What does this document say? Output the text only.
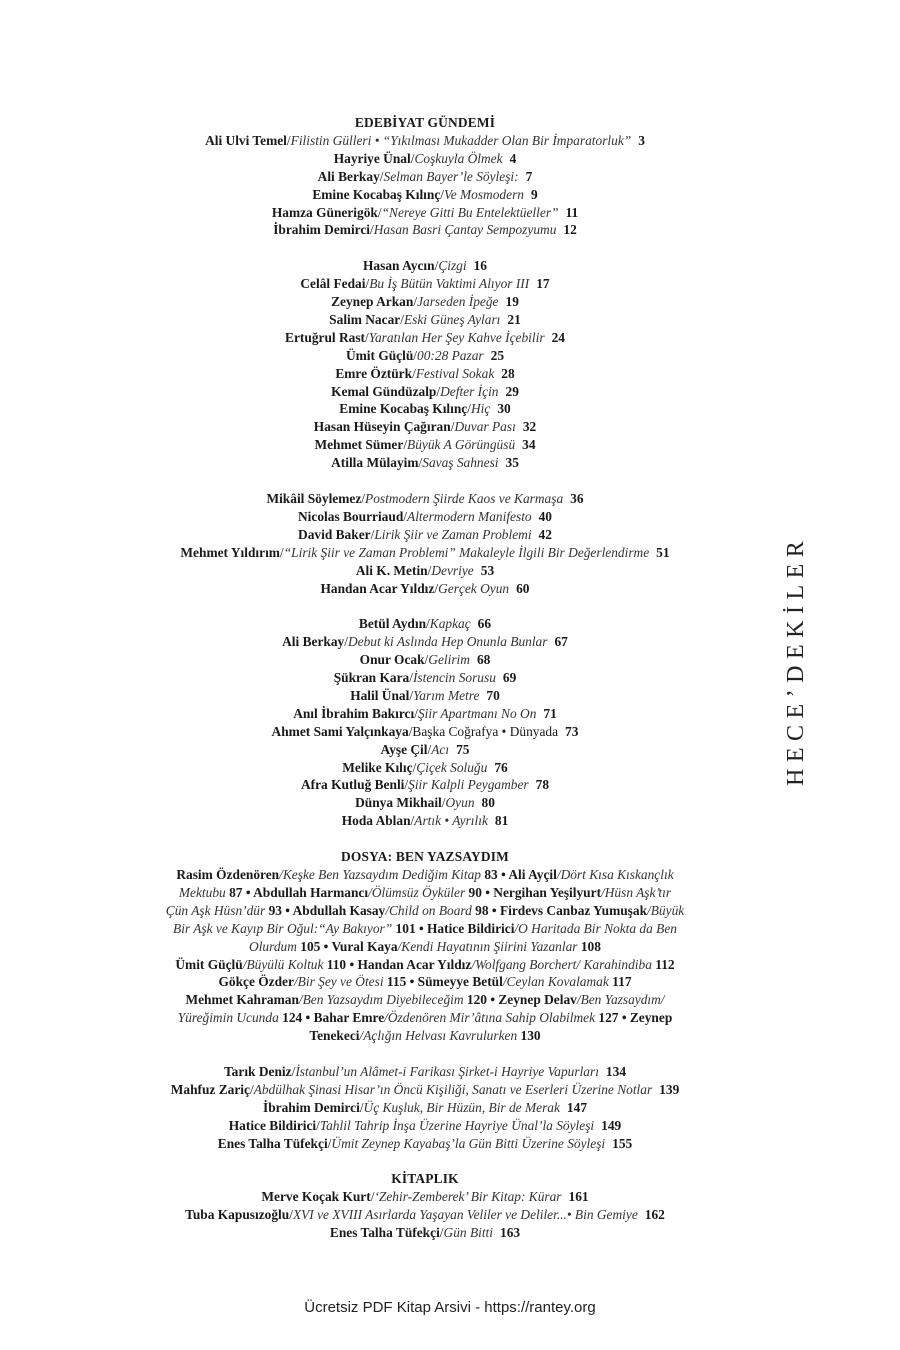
EDEBİYAT GÜNDEMİ
Ali Ulvi Temel/Filistin Gülleri • “Yıkılması Mukadder Olan Bir İmparatorluk” 3
Hayriye Ünal/Coşkuyla Ölmek 4
Ali Berkay/Selman Bayer’le Söyleşi: 7
Emine Kocabaş Kılınç/Ve Mosmodern 9
Hamza Günerigök/“Nereye Gitti Bu Entelektüeller” 11
İbrahim Demirci/Hasan Basri Çantay Sempozyumu 12
Hasan Aycın/Çizgi 16
Celâl Fedai/Bu İş Bütün Vaktimi Alıyor III 17
Zeynep Arkan/Jarseden İpeğe 19
Salim Nacar/Eski Güneş Ayları 21
Ertuğrul Rast/Yaratılan Her Şey Kahve İçebilir 24
Ümit Güçlü/00:28 Pazar 25
Emre Öztürk/Festival Sokak 28
Kemal Gündüzalp/Defter İçin 29
Emine Kocabaş Kılınç/Hiç 30
Hasan Hüseyin Çağıran/Duvar Pası 32
Mehmet Sümer/Büyük A Görüngüsü 34
Atilla Mülayim/Savaş Sahnesi 35
Mikâil Söylemez/Postmodern Şiirde Kaos ve Karmaşa 36
Nicolas Bourriaud/Altermodern Manifesto 40
David Baker/Lirik Şiir ve Zaman Problemi 42
Mehmet Yıldırım/“Lirik Şiir ve Zaman Problemi” Makaleyle İlgili Bir Değerlendirme 51
Ali K. Metin/Devriye 53
Handan Acar Yıldız/Gerçek Oyun 60
Betül Aydın/Kapkaç 66
Ali Berkay/Debut ki Aslında Hep Onunla Bunlar 67
Onur Ocak/Gelirim 68
Şükran Kara/İstencin Sorusu 69
Halil Ünal/Yarım Metre 70
Anıl İbrahim Bakırcı/Şiir Apartmanı No On 71
Ahmet Sami Yalçınkaya/Başka Coğrafya • Dünyada 73
Ayşe Çil/Acı 75
Melike Kılıç/Çiçek Soluğu 76
Afra Kutluğ Benli/Şiir Kalpli Peygamber 78
Dünya Mikhail/Oyun 80
Hoda Ablan/Artık • Ayrılık 81
DOSYA: BEN YAZSAYDIM
Rasim Özdenören/Keşke Ben Yazsaydım Dediğim Kitap 83 • Ali Ayçil/Dört Kısa Kıskançlık
Mektubu 87 • Abdullah Harmancı/Ölümsüz Öyküler 90 • Nergihan Yeşilyurt/Hüsn Aşk’tır
Çün Aşk Hüsn’dür 93 • Abdullah Kasay/Child on Board 98 • Firdevs Canbaz Yumuşak/Büyük
Bir Aşk ve Kayıp Bir Oğul:“Ay Bakıyor” 101 • Hatice Bildirici/O Haritada Bir Nokta da Ben
Olurdum 105 • Vural Kaya/Kendi Hayatının Şiirini Yazanlar 108
Ümit Güçlü/Büyülü Koltuk 110 • Handan Acar Yıldız/Wolfgang Borchert/ Karahindiba 112
Gökçe Özder/Bir Şey ve Ötesi 115 • Sümeyye Betül/Ceylan Kovalamak 117
Mehmet Kahraman/Ben Yazsaydım Diyebileceğim 120 • Zeynep Delav/Ben Yazsaydım/
Yüreğimin Ucunda 124 • Bahar Emre/Özdenören Mir’âtına Sahip Olabilmek 127 • Zeynep
Tenekeci/Açlığın Helvası Kavrulurken 130
Tarık Deniz/İstanbul’un Alâmet-i Farikası Şirket-i Hayriye Vapurları 134
Mahfuz Zariç/Abdülhak Şinasi Hisar’ın Öncü Kişiliği, Sanatı ve Eserleri Üzerine Notlar 139
İbrahim Demirci/Üç Kuşluk, Bir Hüzün, Bir de Merak 147
Hatice Bildirici/Tahlil Tahrip İnşa Üzerine Hayriye Ünal’la Söyleşi 149
Enes Talha Tüfekçi/Ümit Zeynep Kayabaş’la Gün Bitti Üzerine Söyleşi 155
KİTAPLIK
Merve Koçak Kurt/‘Zehir-Zemberek’ Bir Kitap: Kürar 161
Tuba Kapusızoğlu/XVI ve XVIII Asırlarda Yaşayan Veliler ve Deliler...• Bin Gemiye 162
Enes Talha Tüfekçi/Gün Bitti 163
HECE’DEKİLER
Ücretsiz PDF Kitap Arsivi - https://rantey.org
